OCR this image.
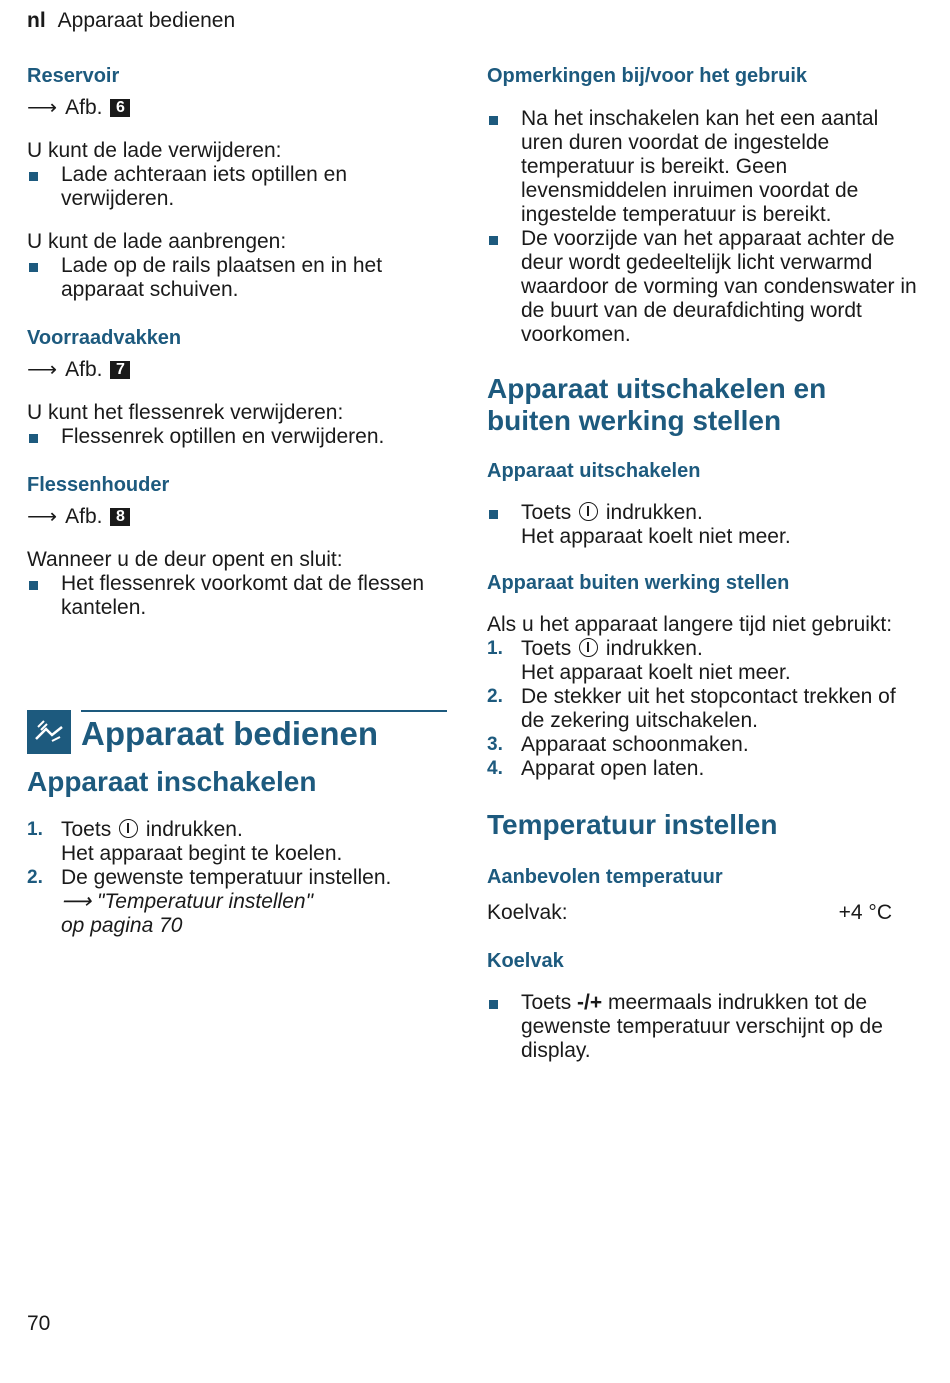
nl Apparaat bedienen

Reservoir

⟶ Afb. 6

U kunt de lade verwijderen:

Lade achteraan iets optillen en verwijderen.

U kunt de lade aanbrengen:

Lade op de rails plaatsen en in het apparaat schuiven.

Voorraadvakken

⟶ Afb. 7

U kunt het flessenrek verwijderen:

Flessenrek optillen en verwijderen.

Flessenhouder

⟶ Afb. 8

Wanneer u de deur opent en sluit:

Het flessenrek voorkomt dat de flessen kantelen.

Apparaat bedienen

Apparaat inschakelen

1. Toets indrukken.
Het apparaat begint te koelen.
2. De gewenste temperatuur instellen.
⟶ "Temperatuur instellen"
op pagina 70

Opmerkingen bij/voor het gebruik

Na het inschakelen kan het een aantal uren duren voordat de ingestelde temperatuur is bereikt. Geen levensmiddelen inruimen voordat de ingestelde temperatuur is bereikt.
De voorzijde van het apparaat achter de deur wordt gedeeltelijk licht verwarmd waardoor de vorming van condenswater in de buurt van de deurafdichting wordt voorkomen.

Apparaat uitschakelen en buiten werking stellen

Apparaat uitschakelen

Toets indrukken.
Het apparaat koelt niet meer.

Apparaat buiten werking stellen

Als u het apparaat langere tijd niet gebruikt:

1. Toets indrukken.
Het apparaat koelt niet meer.
2. De stekker uit het stopcontact trekken of de zekering uitschakelen.
3. Apparaat schoonmaken.
4. Apparat open laten.

Temperatuur instellen

Aanbevolen temperatuur

Koelvak:	+4 °C

Koelvak

Toets -/+ meermaals indrukken tot de gewenste temperatuur verschijnt op de display.
70
